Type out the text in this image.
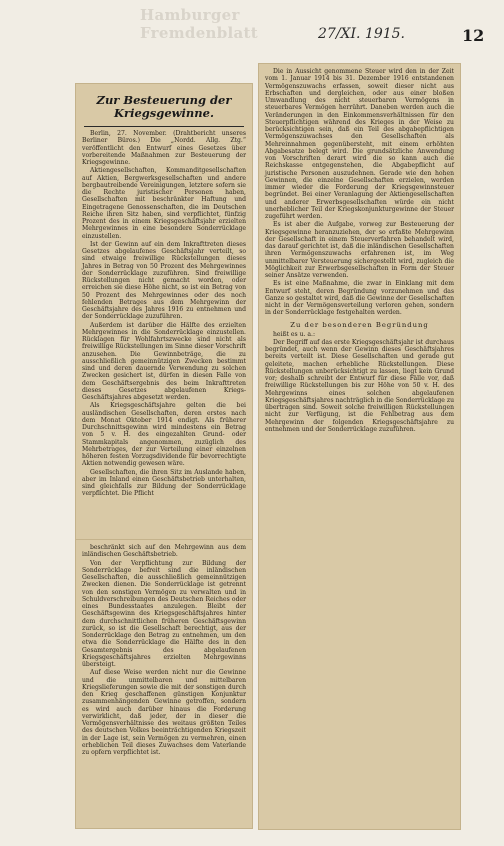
Hamburger Fremdenblatt	27/XI. 1915.	12
Zur Besteuerung der Kriegsgewinne.

Berlin, 27. November. (Drahtbericht unseres Berliner Büros.) Die „Nordd. Allg. Ztg.“ veröffentlicht den Entwurf eines Gesetzes über vorbereitende Maßnahmen zur Besteuerung der Kriegsgewinne.

Aktiengesellschaften, Kommanditgesellschaften auf Aktien, Bergwerksgesellschaften und andere bergbautreibende Vereinigungen, letztere sofern sie die Rechte juristischer Personen haben, Gesellschaften mit beschränkter Haftung und Eingetragene Genossenschaften, die im Deutschen Reiche ihren Sitz haben, sind verpflichtet, fünfzig Prozent des in einem Kriegsgeschäftsjahr erzielten Mehrgewinnes in eine besondere Sonderrücklage einzustellen.

Ist der Gewinn auf ein dem Inkrafttreten dieses Gesetzes abgelaufenes Geschäftsjahr verteilt, so sind etwaige freiwillige Rückstellungen dieses Jahres in Betrag von 50 Prozent des Mehrgewinnes der Sonderrücklage zuzuführen. Sind freiwillige Rückstellungen nicht gemacht worden, oder erreichen sie diese Höhe nicht, so ist ein Betrag von 50 Prozent des Mehrgewinnes oder des noch fehlenden Betrages aus dem Mehrgewinn der Geschäftsjahre des Jahres 1916 zu entnehmen und der Sonderrücklage zuzuführen.

Außerdem ist darüber die Hälfte des erzielten Mehrgewinnes in die Sonderrücklage einzustellen. Rücklagen für Wohlfahrtszwecke sind nicht als freiwillige Rückstellungen im Sinne dieser Vorschrift anzusehen. Die Gewinnbeträge, die zu ausschließlich gemeinnützigen Zwecken bestimmt sind und deren dauernde Verwendung zu solchen Zwecken gesichert ist, dürfen in diesen Falle von dem Geschäftsergebnis des beim Inkrafttreten dieses Gesetzes abgelaufenen Kriegs-Geschäftsjahres abgesetzt werden.

Als Kriegsgeschäftsjahre gelten die bei ausländischen Gesellschaften, deren erstes nach dem Monat Oktober 1914 endigt. Als früherer Durchschnittsgewinn wird mindestens ein Betrag von 5 v. H. des eingezahlten Grund- oder Stammkapitals angenommen, zuzüglich des Mehrbetrages, der zur Verteilung einer einzelnen höheren festen Vorzugsdividende für bevorrechtigte Aktien notwendig gewesen wäre.

Gesellschaften, die ihren Sitz im Auslande haben, aber im Inland einen Geschäftsbetrieb unterhalten, sind gleichfalls zur Bildung der Sonderrücklage verpflichtet. Die Pflicht

beschränkt sich auf den Mehrgewinn aus dem inländischen Geschäftsbetrieb.

Von der Verpflichtung zur Bildung der Sonderrücklage befreit sind die inländischen Gesellschaften, die ausschließlich gemeinnützigen Zwecken dienen. Die Sonderrücklage ist getrennt von den sonstigen Vermögen zu verwalten und in Schuldverschreibungen des Deutschen Reiches oder eines Bundesstaates anzulegen. Bleibt der Geschäftsgewinn des Kriegsgeschäftsjahres hinter dem durchschnittlichen früheren Geschäftsgewinn zurück, so ist die Gesellschaft berechtigt, aus der Sonderrücklage den Betrag zu entnehmen, um den etwa die Sonderrücklage die Hälfte des in den Gesamtergebnis des abgelaufenen Kriegsgeschäftsjahres erzielten Mehrgewinns übersteigt.

Auf diese Weise werden nicht nur die Gewinne und die unmittelbaren und mittelbaren Kriegslieferungen sowie die mit der sonstigen durch den Krieg geschaffenen günstigen Konjunktur zusammenhängenden Gewinne getroffen, sondern es wird auch darüber hinaus die Forderung verwirklicht, daß jeder, der in dieser die Vermögensverhältnisse des weitaus größten Teiles des deutschen Volkes beeinträchtigenden Kriegszeit in der Lage ist, sein Vermögen zu vermehren, einen erheblichen Teil dieses Zuwachses dem Vaterlande zu opfern verpflichtet ist.

Die in Aussicht genommene Steuer wird den in der Zeit vom 1. Januar 1914 bis 31. Dezember 1916 entstandenen Vermögenszuwachs erfassen, soweit dieser nicht aus Erbschaften und dergleichen, oder aus einer bloßen Umwandlung des nicht steuerbaren Vermögens in steuerbares Vermögen herrührt. Daneben werden auch die Veränderungen in den Einkommensverhältnissen für den Steuerpflichtigen während des Krieges in der Weise zu berücksichtigen sein, daß ein Teil des abgabepflichtigen Vermögenszuwachses den Gesellschaften als Mehreinnahmen gegenübersteht, mit einem erhöhten Abgabesatze belegt wird. Die grundsätzliche Anwendung von Vorschriften derart wird die so kann auch die Reichskasse entgegenstehen, die Abgabepflicht auf juristische Personen auszudehnen. Gerade wie den hohen Gewinnen, die einzelne Gesellschaften erzielen, werden immer wieder die Forderung der Kriegsgewinnsteuer begründet. Bei einer Veranlagung der Aktiengesellschaften und anderer Erwerbsgesellschaften würde ein nicht unerheblicher Teil der Kriegskonjunkturgewinne der Steuer zugeführt werden.

Es ist aber die Aufgabe, vorweg zur Besteuerung der Kriegsgewinne heranzuziehen, der so erfaßte Mehrgewinn der Gesellschaft in einem Steuerverfahren behandelt wird, das darauf gerichtet ist, daß die inländischen Gesellschaften ihren Vermögenszuwachs erfahrenen ist, im Weg unmittelbarer Versteuerung sichergestellt wird, zugleich die Möglichkeit zur Erwerbsgesellschaften in Form der Steuer seiner Ansätze verwenden.

Es ist eine Maßnahme, die zwar in Einklang mit dem Entwurf steht, deren Begründung vorzunehmen und das Ganze so gestaltet wird, daß die Gewinne der Gesellschaften nicht in der Vermögensverteilung verloren gehen, sondern in der Sonderrücklage festgehalten werden.

Zu der besonderen Begründung

heißt es u. a.:

Der Begriff auf das erste Kriegsgeschäftsjahr ist durchaus begründet, auch wenn der Gewinn dieses Geschäftsjahres bereits verteilt ist. Diese Gesellschaften und gerade gut geleitete, machen erhebliche Rückstellungen. Diese Rückstellungen unberücksichtigt zu lassen, liegt kein Grund vor; deshalb schreibt der Entwurf für diese Fälle vor, daß freiwillige Rückstellungen bis zur Höhe von 50 v. H. des Mehrgewinns eines solchen abgelaufenen Kriegsgeschäftsjahres nachträglich in die Sonderrücklage zu übertragen sind. Soweit solche freiwilligen Rückstellungen nicht zur Verfügung, ist die Fehlbetrag aus dem Mehrgewinn der folgenden Kriegsgeschäftsjahre zu entnehmen und der Sonderrücklage zuzuführen.
